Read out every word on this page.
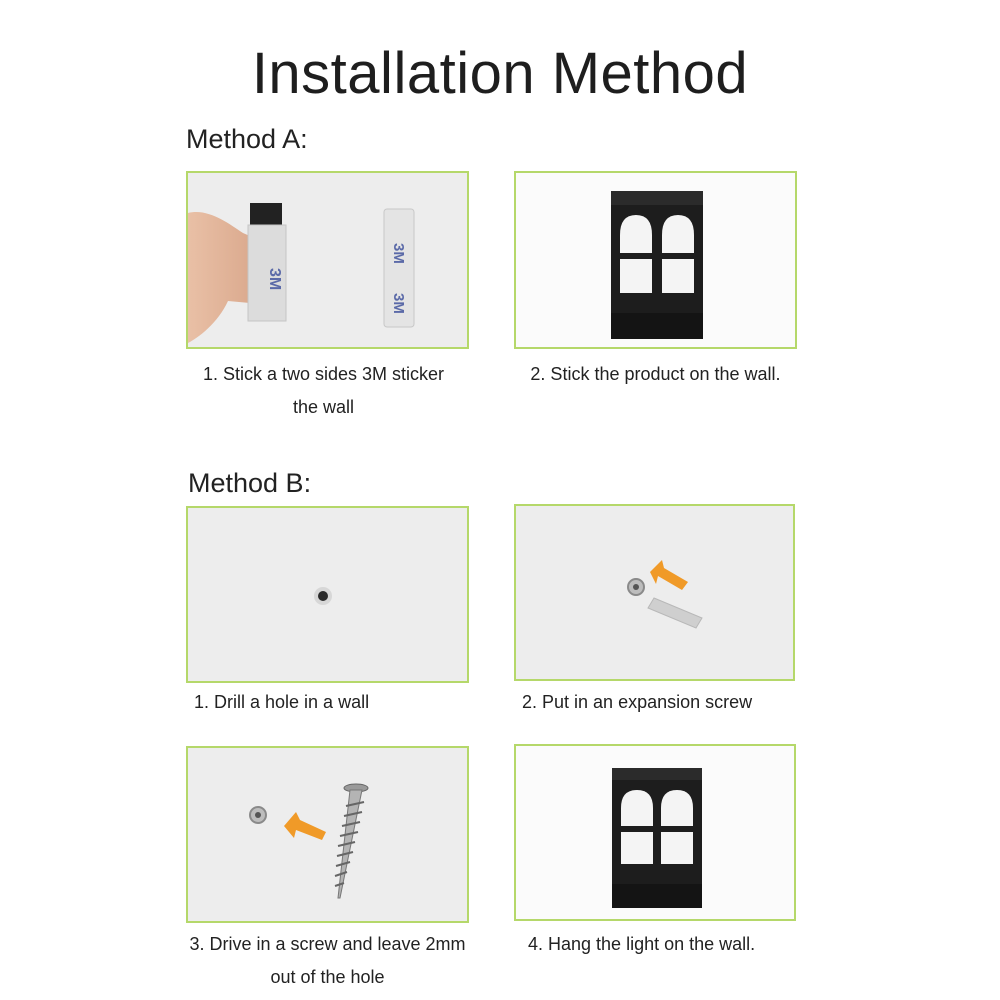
Installation Method
Method A:
3M
3M
3M
1. Stick a two sides 3M sticker
the wall
2. Stick the product on the wall.
Method B:
1. Drill a hole in a wall	2. Put in an expansion screw
3. Drive in a screw and leave 2mm
out of the hole
4. Hang the light on the wall.
